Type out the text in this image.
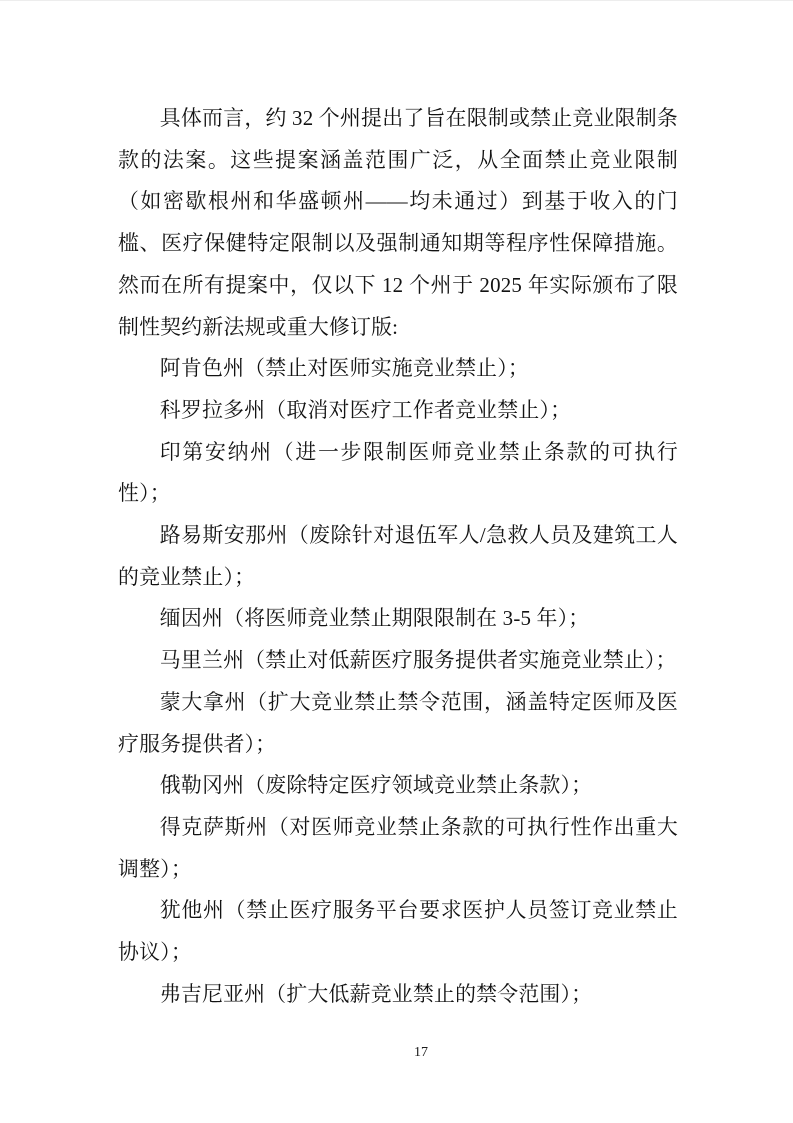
具体而言，约 32 个州提出了旨在限制或禁止竞业限制条款的法案。这些提案涵盖范围广泛，从全面禁止竞业限制（如密歇根州和华盛顿州——均未通过）到基于收入的门槛、医疗保健特定限制以及强制通知期等程序性保障措施。然而在所有提案中，仅以下 12 个州于 2025 年实际颁布了限制性契约新法规或重大修订版:

阿肯色州（禁止对医师实施竞业禁止）；

科罗拉多州（取消对医疗工作者竞业禁止）；

印第安纳州（进一步限制医师竞业禁止条款的可执行性）；

路易斯安那州（废除针对退伍军人/急救人员及建筑工人的竞业禁止）；

缅因州（将医师竞业禁止期限限制在 3-5 年）；

马里兰州（禁止对低薪医疗服务提供者实施竞业禁止）；

蒙大拿州（扩大竞业禁止禁令范围，涵盖特定医师及医疗服务提供者）；

俄勒冈州（废除特定医疗领域竞业禁止条款）；

得克萨斯州（对医师竞业禁止条款的可执行性作出重大调整）；

犹他州（禁止医疗服务平台要求医护人员签订竞业禁止协议）；

弗吉尼亚州（扩大低薪竞业禁止的禁令范围）；

17
